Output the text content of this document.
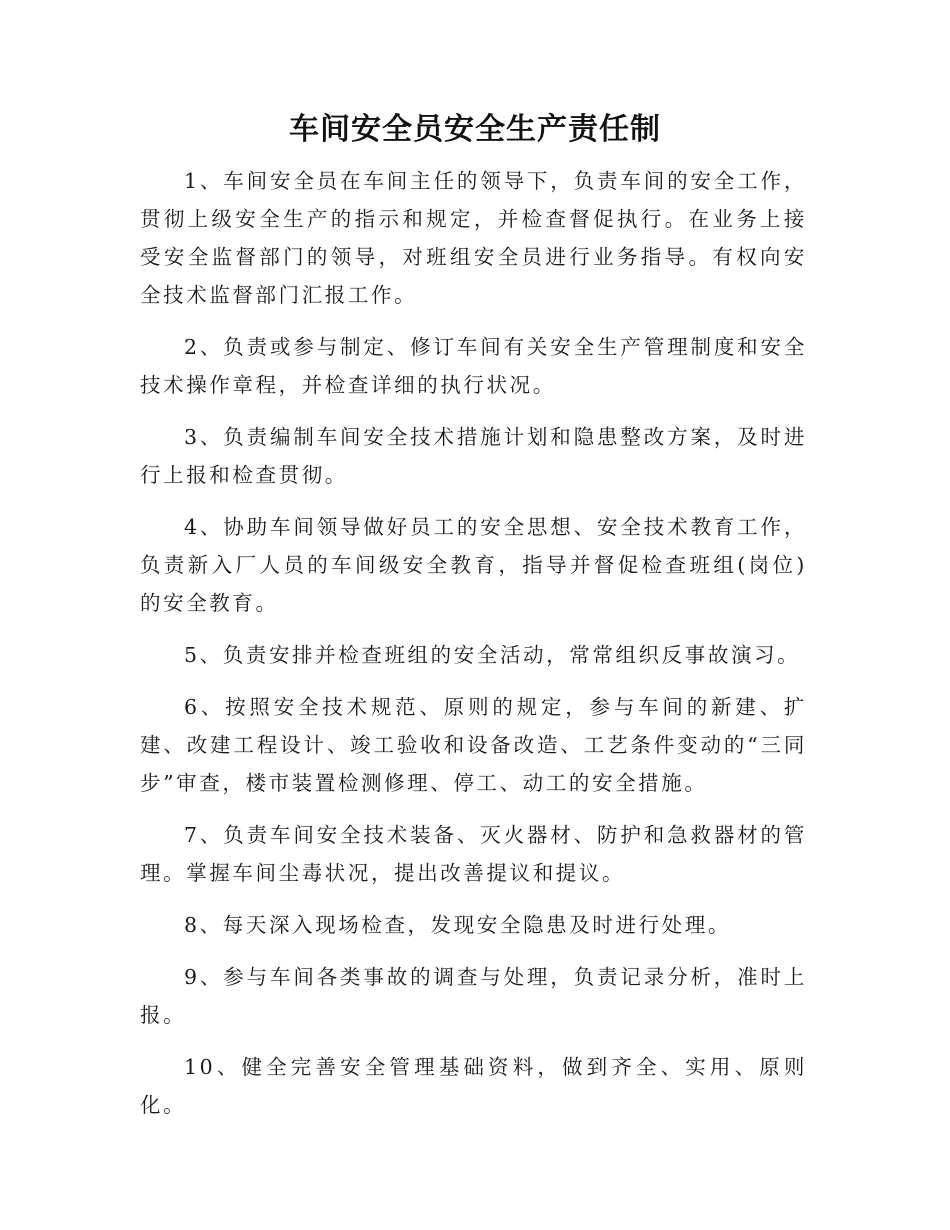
车间安全员安全生产责任制

1、车间安全员在车间主任的领导下，负责车间的安全工作，贯彻上级安全生产的指示和规定，并检查督促执行。在业务上接受安全监督部门的领导，对班组安全员进行业务指导。有权向安全技术监督部门汇报工作。

2、负责或参与制定、修订车间有关安全生产管理制度和安全技术操作章程，并检查详细的执行状况。

3、负责编制车间安全技术措施计划和隐患整改方案，及时进行上报和检查贯彻。

4、协助车间领导做好员工的安全思想、安全技术教育工作，负责新入厂人员的车间级安全教育，指导并督促检查班组(岗位)的安全教育。

5、负责安排并检查班组的安全活动，常常组织反事故演习。

6、按照安全技术规范、原则的规定，参与车间的新建、扩建、改建工程设计、竣工验收和设备改造、工艺条件变动的“三同步”审查，楼市装置检测修理、停工、动工的安全措施。

7、负责车间安全技术装备、灭火器材、防护和急救器材的管理。掌握车间尘毒状况，提出改善提议和提议。

8、每天深入现场检查，发现安全隐患及时进行处理。

9、参与车间各类事故的调查与处理，负责记录分析，准时上报。

10、健全完善安全管理基础资料，做到齐全、实用、原则化。
